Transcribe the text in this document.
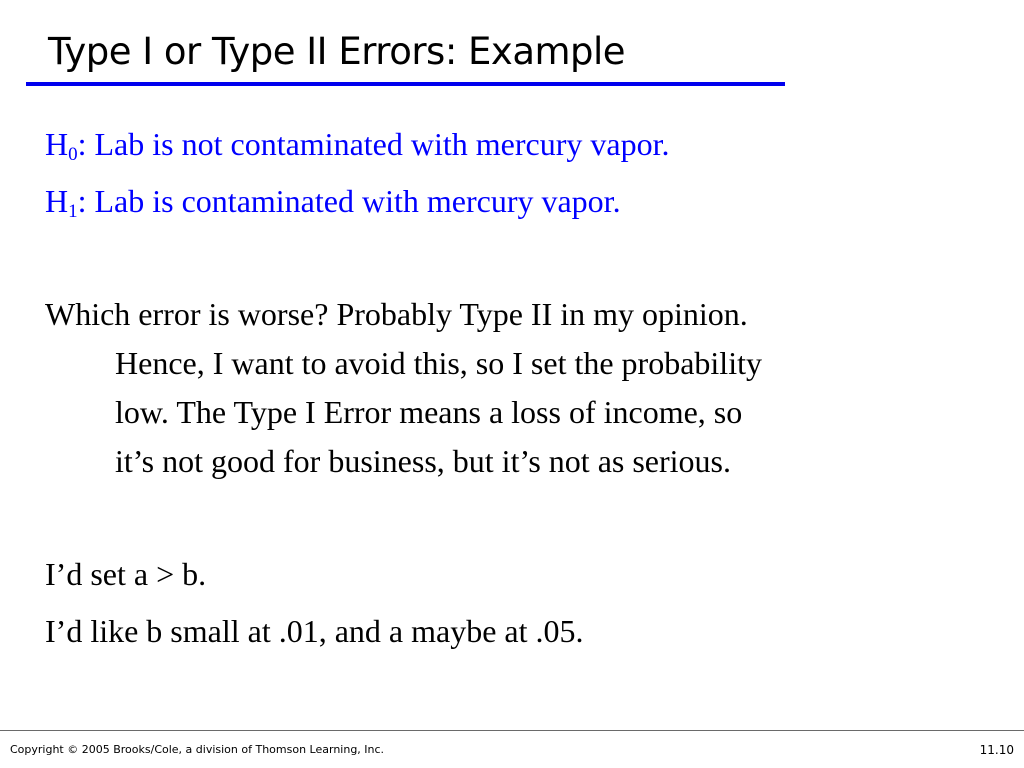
Type I or Type II Errors: Example
$H_0$: Lab is not contaminated with mercury vapor.
$H_1$: Lab is contaminated with mercury vapor.
Which error is worse? Probably Type II in my opinion.
Hence, I want to avoid this, so I set the probability
low. The Type I Error means a loss of income, so
it’s not good for business, but it’s not as serious.
I’d set a > b.
I’d like b small at .01, and a maybe at .05.
Copyright © 2005 Brooks/Cole, a division of Thomson Learning, Inc.	11.10
